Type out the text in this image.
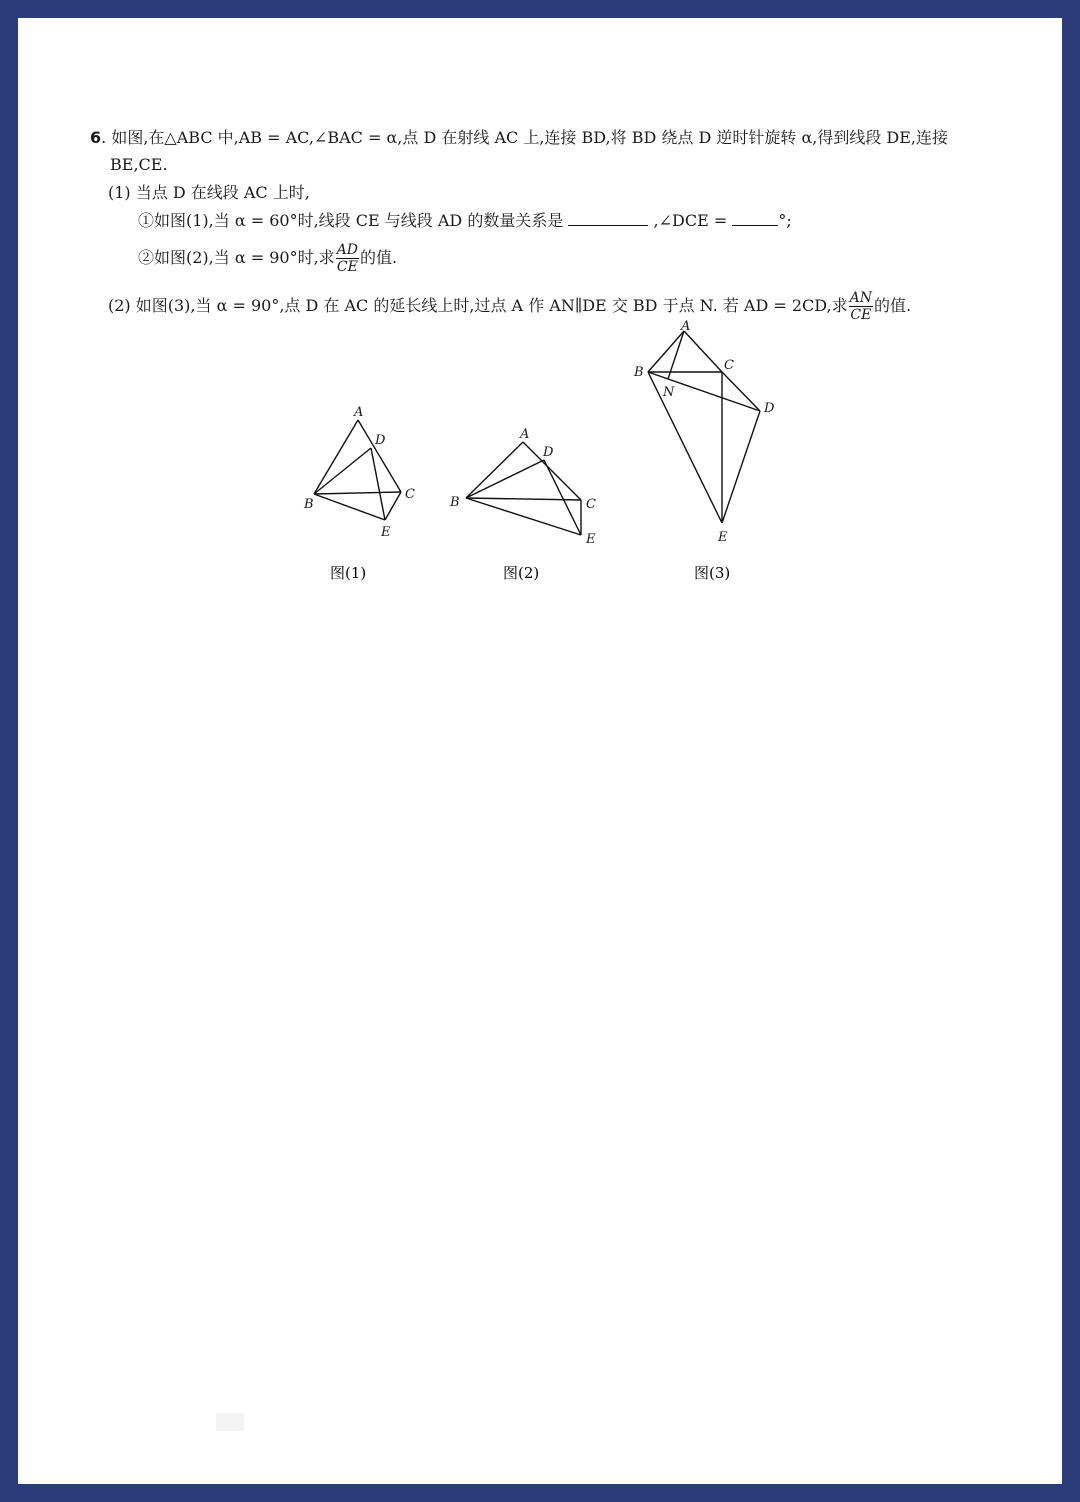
6. 如图,在△ABC 中,AB = AC,∠BAC = α,点 D 在射线 AC 上,连接 BD,将 BD 绕点 D 逆时针旋转 α,得到线段 DE,连接
BE,CE.
(1) 当点 D 在线段 AC 上时,
①如图(1),当 α = 60°时,线段 CE 与线段 AD 的数量关系是	,∠DCE =	°;
②如图(2),当 α = 90°时,求 $\frac{AD}{CE}$ 的值.
(2) 如图(3),当 α = 90°,点 D 在 AC 的延长线上时,过点 A 作 AN∥DE 交 BD 于点 N. 若 AD = 2CD,求 $\frac{AN}{CE}$ 的值.
A
D
B
C
E
图(1)
A
D
B	C
E
图(2)
A
B	C
N
D
E
图(3)
